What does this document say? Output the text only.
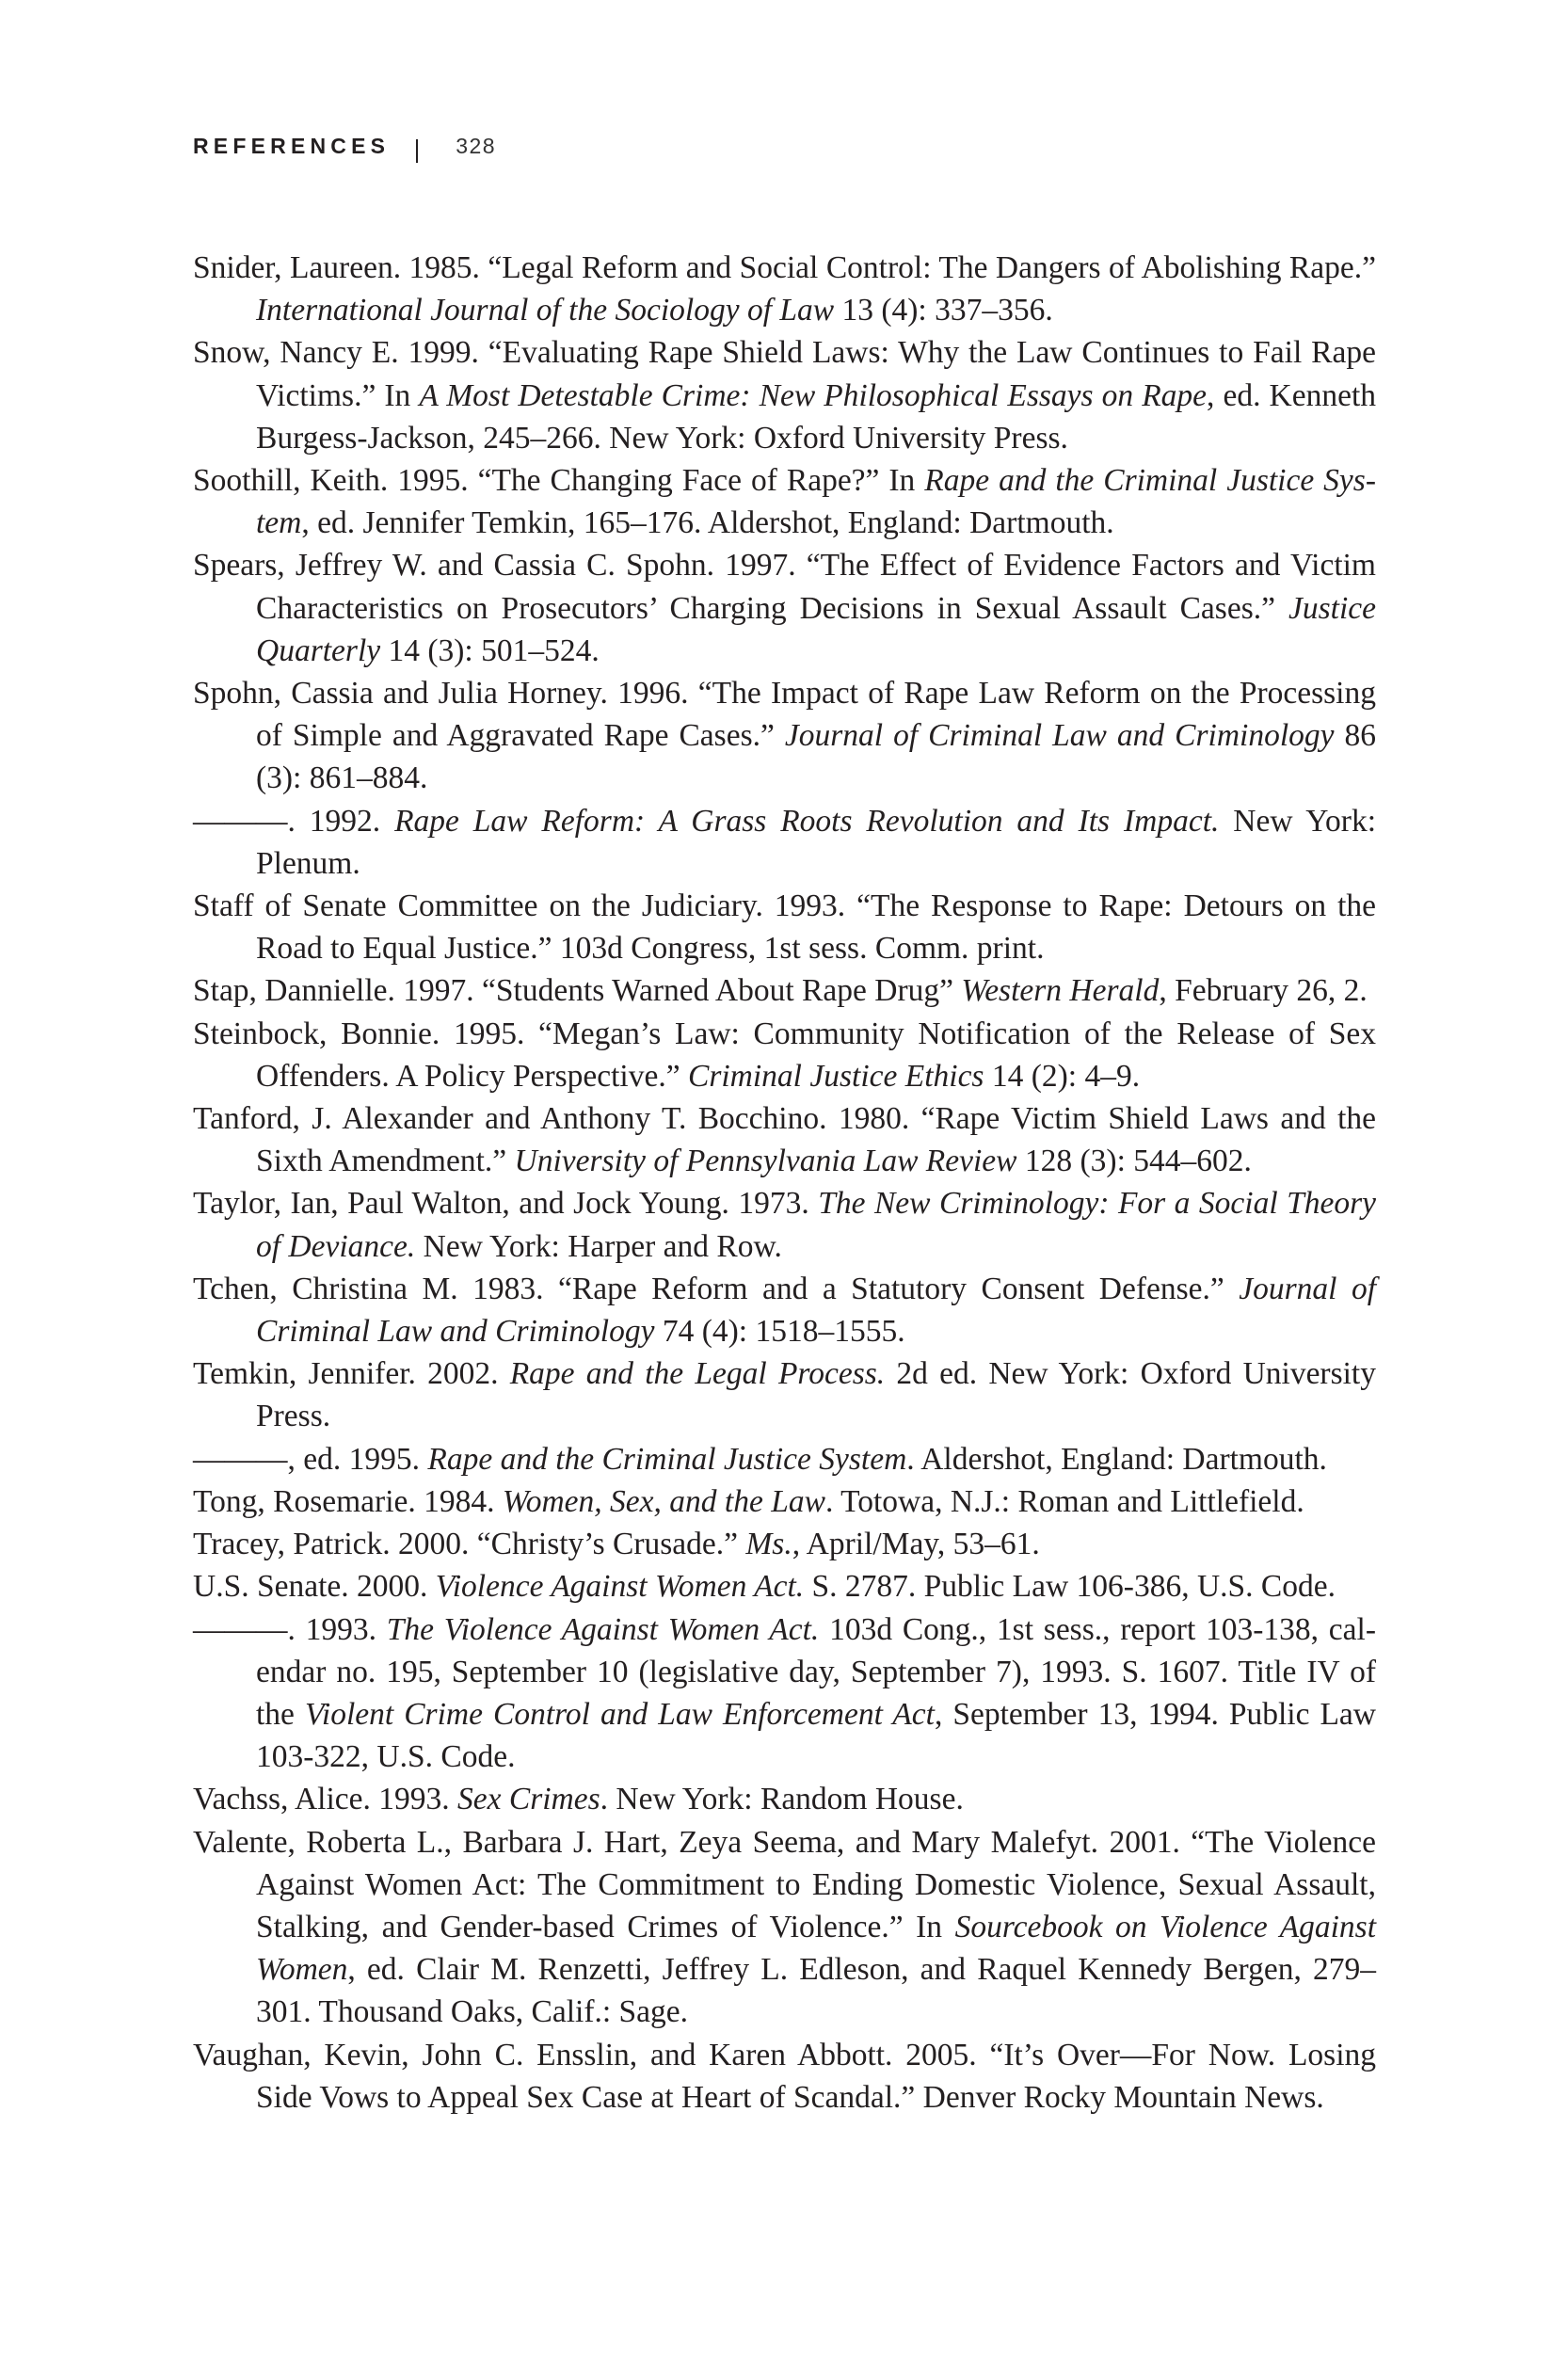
REFERENCES	328

Snider, Laureen. 1985. “Legal Reform and Social Control: The Dangers of Abolishing Rape.” International Journal of the Sociology of Law 13 (4): 337–356.

Snow, Nancy E. 1999. “Evaluating Rape Shield Laws: Why the Law Continues to Fail Rape Victims.” In A Most Detestable Crime: New Philosophical Essays on Rape, ed. Kenneth Burgess-Jackson, 245–266. New York: Oxford University Press.

Soothill, Keith. 1995. “The Changing Face of Rape?” In Rape and the Criminal Justice System, ed. Jennifer Temkin, 165–176. Aldershot, England: Dartmouth.

Spears, Jeffrey W. and Cassia C. Spohn. 1997. “The Effect of Evidence Factors and Victim Characteristics on Prosecutors’ Charging Decisions in Sexual Assault Cases.” Justice Quarterly 14 (3): 501–524.

Spohn, Cassia and Julia Horney. 1996. “The Impact of Rape Law Reform on the Processing of Simple and Aggravated Rape Cases.” Journal of Criminal Law and Criminology 86 (3): 861–884.

———. 1992. Rape Law Reform: A Grass Roots Revolution and Its Impact. New York: Plenum.

Staff of Senate Committee on the Judiciary. 1993. “The Response to Rape: Detours on the Road to Equal Justice.” 103d Congress, 1st sess. Comm. print.

Stap, Dannielle. 1997. “Students Warned About Rape Drug” Western Herald, February 26, 2.

Steinbock, Bonnie. 1995. “Megan’s Law: Community Notification of the Release of Sex Offenders. A Policy Perspective.” Criminal Justice Ethics 14 (2): 4–9.

Tanford, J. Alexander and Anthony T. Bocchino. 1980. “Rape Victim Shield Laws and the Sixth Amendment.” University of Pennsylvania Law Review 128 (3): 544–602.

Taylor, Ian, Paul Walton, and Jock Young. 1973. The New Criminology: For a Social Theory of Deviance. New York: Harper and Row.

Tchen, Christina M. 1983. “Rape Reform and a Statutory Consent Defense.” Journal of Criminal Law and Criminology 74 (4): 1518–1555.

Temkin, Jennifer. 2002. Rape and the Legal Process. 2d ed. New York: Oxford University Press.

———, ed. 1995. Rape and the Criminal Justice System. Aldershot, England: Dartmouth.

Tong, Rosemarie. 1984. Women, Sex, and the Law. Totowa, N.J.: Roman and Littlefield.

Tracey, Patrick. 2000. “Christy’s Crusade.” Ms., April/May, 53–61.

U.S. Senate. 2000. Violence Against Women Act. S. 2787. Public Law 106-386, U.S. Code.

———. 1993. The Violence Against Women Act. 103d Cong., 1st sess., report 103-138, calendar no. 195, September 10 (legislative day, September 7), 1993. S. 1607. Title IV of the Violent Crime Control and Law Enforcement Act, September 13, 1994. Public Law 103-322, U.S. Code.

Vachss, Alice. 1993. Sex Crimes. New York: Random House.

Valente, Roberta L., Barbara J. Hart, Zeya Seema, and Mary Malefyt. 2001. “The Violence Against Women Act: The Commitment to Ending Domestic Violence, Sexual Assault, Stalking, and Gender-based Crimes of Violence.” In Sourcebook on Violence Against Women, ed. Clair M. Renzetti, Jeffrey L. Edleson, and Raquel Kennedy Bergen, 279–301. Thousand Oaks, Calif.: Sage.

Vaughan, Kevin, John C. Ensslin, and Karen Abbott. 2005. “It’s Over—For Now. Losing Side Vows to Appeal Sex Case at Heart of Scandal.” Denver Rocky Mountain News.
